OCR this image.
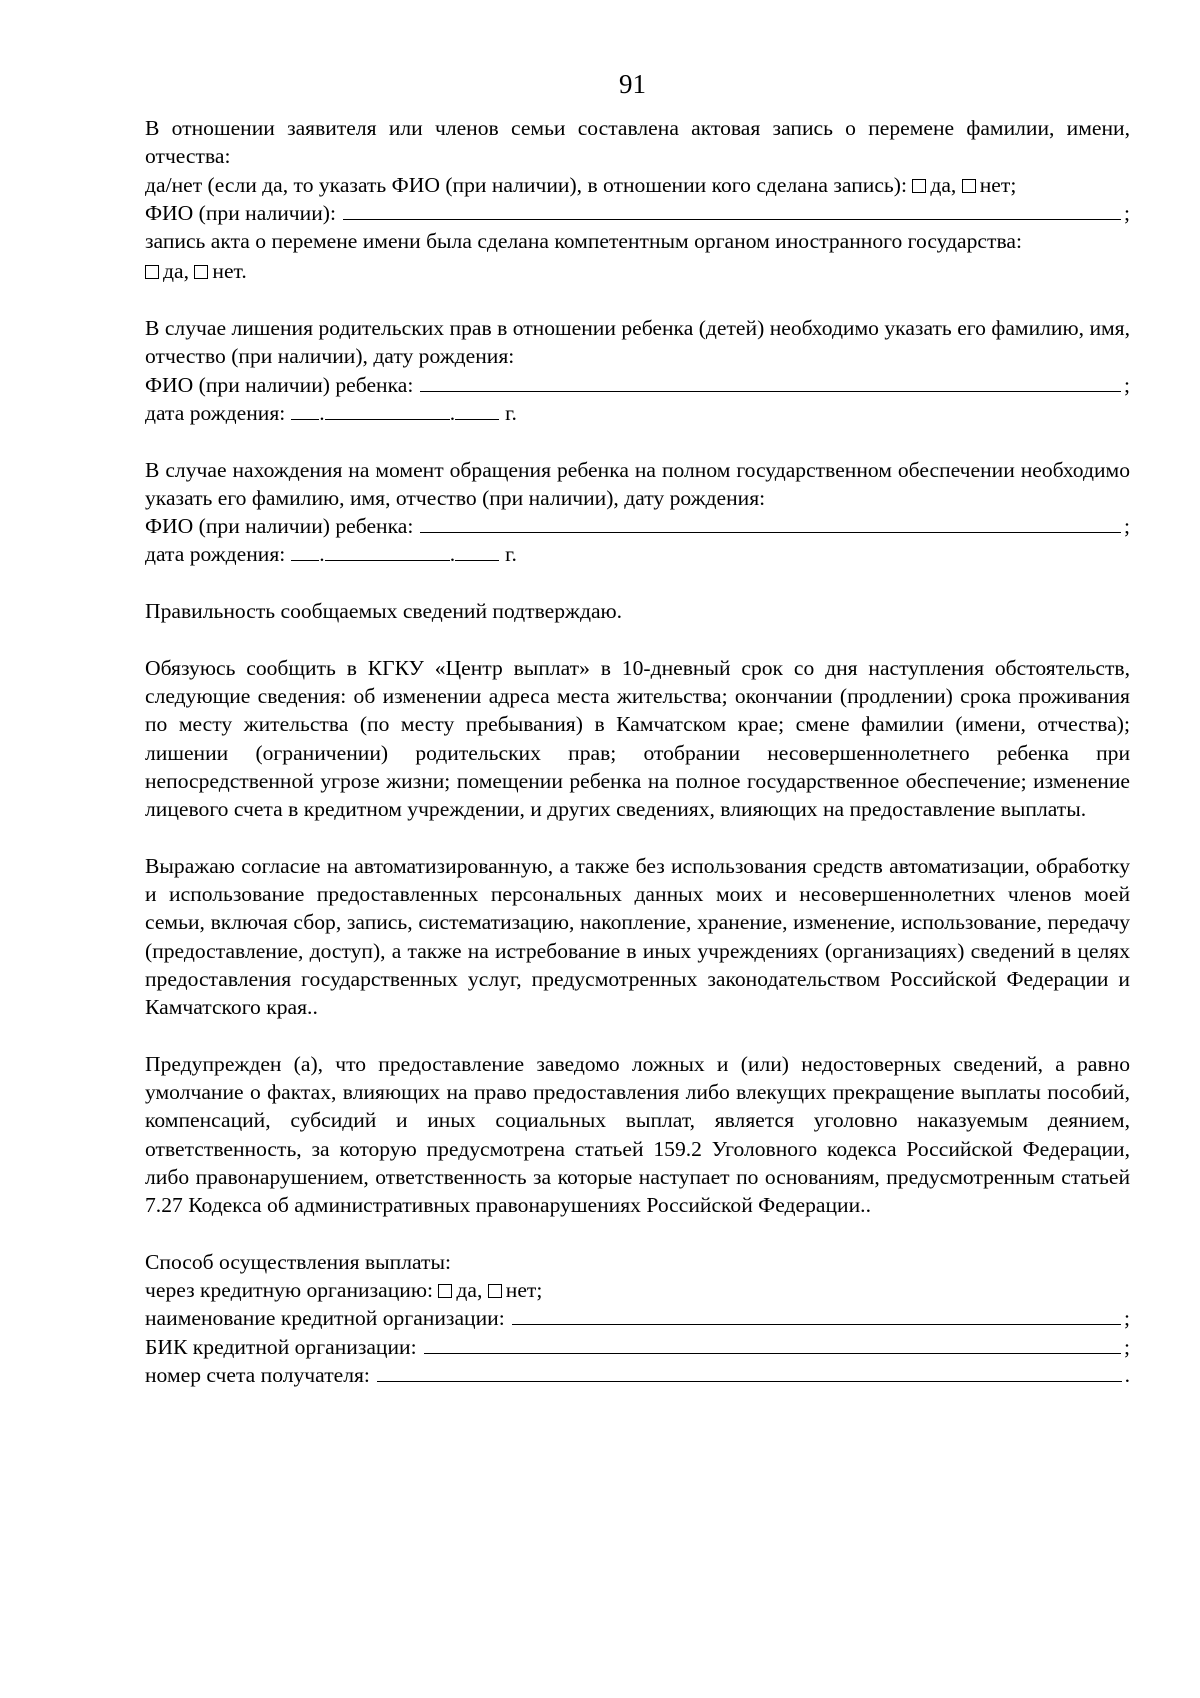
91

В отношении заявителя или членов семьи составлена актовая запись о перемене фамилии, имени, отчества:

да/нет (если да, то указать ФИО (при наличии), в отношении кого сделана запись): да, нет;

ФИО (при наличии):	;

запись акта о перемене имени была сделана компетентным органом иностранного государства:

да, нет.

В случае лишения родительских прав в отношении ребенка (детей) необходимо указать его фамилию, имя, отчество (при наличии), дату рождения:

ФИО (при наличии) ребенка:	;
дата рождения: .	. г.

В случае нахождения на момент обращения ребенка на полном государственном обеспечении необходимо указать его фамилию, имя, отчество (при наличии), дату рождения:

ФИО (при наличии) ребенка:	;
дата рождения: .	. г.

Правильность сообщаемых сведений подтверждаю.

Обязуюсь сообщить в КГКУ «Центр выплат» в 10-дневный срок со дня наступления обстоятельств, следующие сведения: об изменении адреса места жительства; окончании (продлении) срока проживания по месту жительства (по месту пребывания) в Камчатском крае; смене фамилии (имени, отчества); лишении (ограничении) родительских прав; отобрании несовершеннолетнего ребенка при непосредственной угрозе жизни; помещении ребенка на полное государственное обеспечение; изменение лицевого счета в кредитном учреждении, и других сведениях, влияющих на предоставление выплаты.

Выражаю согласие на автоматизированную, а также без использования средств автоматизации, обработку и использование предоставленных персональных данных моих и несовершеннолетних членов моей семьи, включая сбор, запись, систематизацию, накопление, хранение, изменение, использование, передачу (предоставление, доступ), а также на истребование в иных учреждениях (организациях) сведений в целях предоставления государственных услуг, предусмотренных законодательством Российской Федерации и Камчатского края..

Предупрежден (а), что предоставление заведомо ложных и (или) недостоверных сведений, а равно умолчание о фактах, влияющих на право предоставления либо влекущих прекращение выплаты пособий, компенсаций, субсидий и иных социальных выплат, является уголовно наказуемым деянием, ответственность, за которую предусмотрена статьей 159.2 Уголовного кодекса Российской Федерации, либо правонарушением, ответственность за которые наступает по основаниям, предусмотренным статьей 7.27 Кодекса об административных правонарушениях Российской Федерации..

Способ осуществления выплаты:

через кредитную организацию: да, нет;

наименование кредитной организации:	;
БИК кредитной организации:	;
номер счета получателя:	.
